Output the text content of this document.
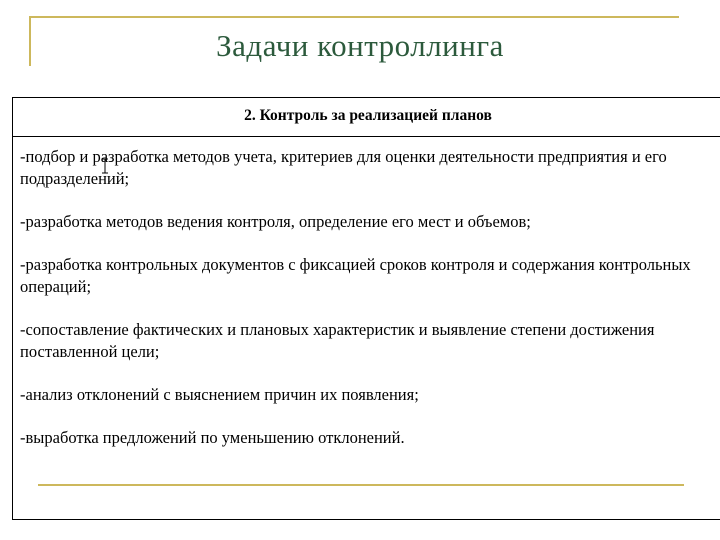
Задачи контроллинга
2. Контроль за реализацией планов
-подбор и разработка методов учета, критериев для оценки деятельности предприятия и его подразделений;
-разработка методов ведения контроля, определение его мест и объемов;
-разработка контрольных документов с фиксацией сроков контроля и содержания контрольных операций;
-сопоставление фактических и плановых характеристик и выявление степени достижения поставленной цели;
-анализ отклонений с выяснением причин их появления;
-выработка предложений по уменьшению отклонений.
